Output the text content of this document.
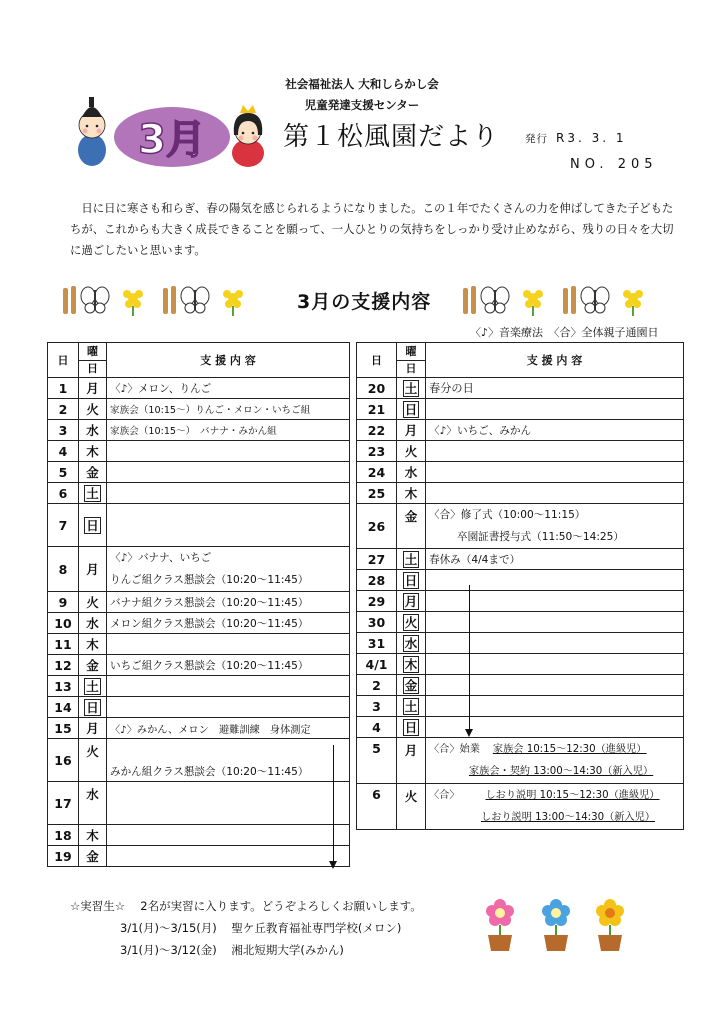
社会福祉法人 大和しらかし会
児童発達支援センター
3月	第１松風園だより 発行 R3. 3. 1
NO. 205
日に日に寒さも和らぎ、春の陽気を感じられるようになりました。この１年でたくさんの力を伸ばしてきた子どもたちが、これからも大きく成長できることを願って、一人ひとりの気持ちをしっかり受け止めながら、残りの日々を大切に過ごしたいと思います。
3月の支援内容
〈♪〉音楽療法　〈合〉全体親子通園日
日	曜
日	支 援 内 容
1	月	〈♪〉メロン、りんご
2	火	家族会（10:15～）りんご・メロン・いちご組
3	水	家族会（10:15～）　バナナ・みかん組
4	木	
5	金	
6	土	
7	日	
8	月	〈♪〉バナナ、いちご
りんご組クラス懇談会（10:20～11:45）

9	火	バナナ組クラス懇談会（10:20～11:45）
10	水	メロン組クラス懇談会（10:20～11:45）
11	木	
12	金	いちご組クラス懇談会（10:20～11:45）
13	土	
14	日	
15	月	〈♪〉みかん、メロン　避難訓練　身体測定
16	火	みかん組クラス懇談会（10:20～11:45）
17	水	
18	木	
19	金	
日	曜
日	支 援 内 容
20	土	春分の日
21	日	
22	月	〈♪〉いちご、みかん
23	火	
24	水	
25	木	
26	金	〈合〉修了式（10:00～11:15）
卒園証書授与式（11:50～14:25）

27	土	春休み（4/4まで）
28	日	
29	月	
30	火	
31	水	
4/1	木	
2	金	
3	土	
4	日	
5	月	〈合〉始業 家族会 10:15～12:30（進級児）
家族会・契約 13:00～14:30（新入児）

6	火	〈合〉 しおり説明 10:15～12:30（進級児）
しおり説明 13:00～14:30（新入児）
☆実習生☆　 2名が実習に入ります。どうぞよろしくお願いします。
3/1(月)～3/15(月) 聖ケ丘教育福祉専門学校(メロン)
3/1(月)～3/12(金) 湘北短期大学(みかん)
